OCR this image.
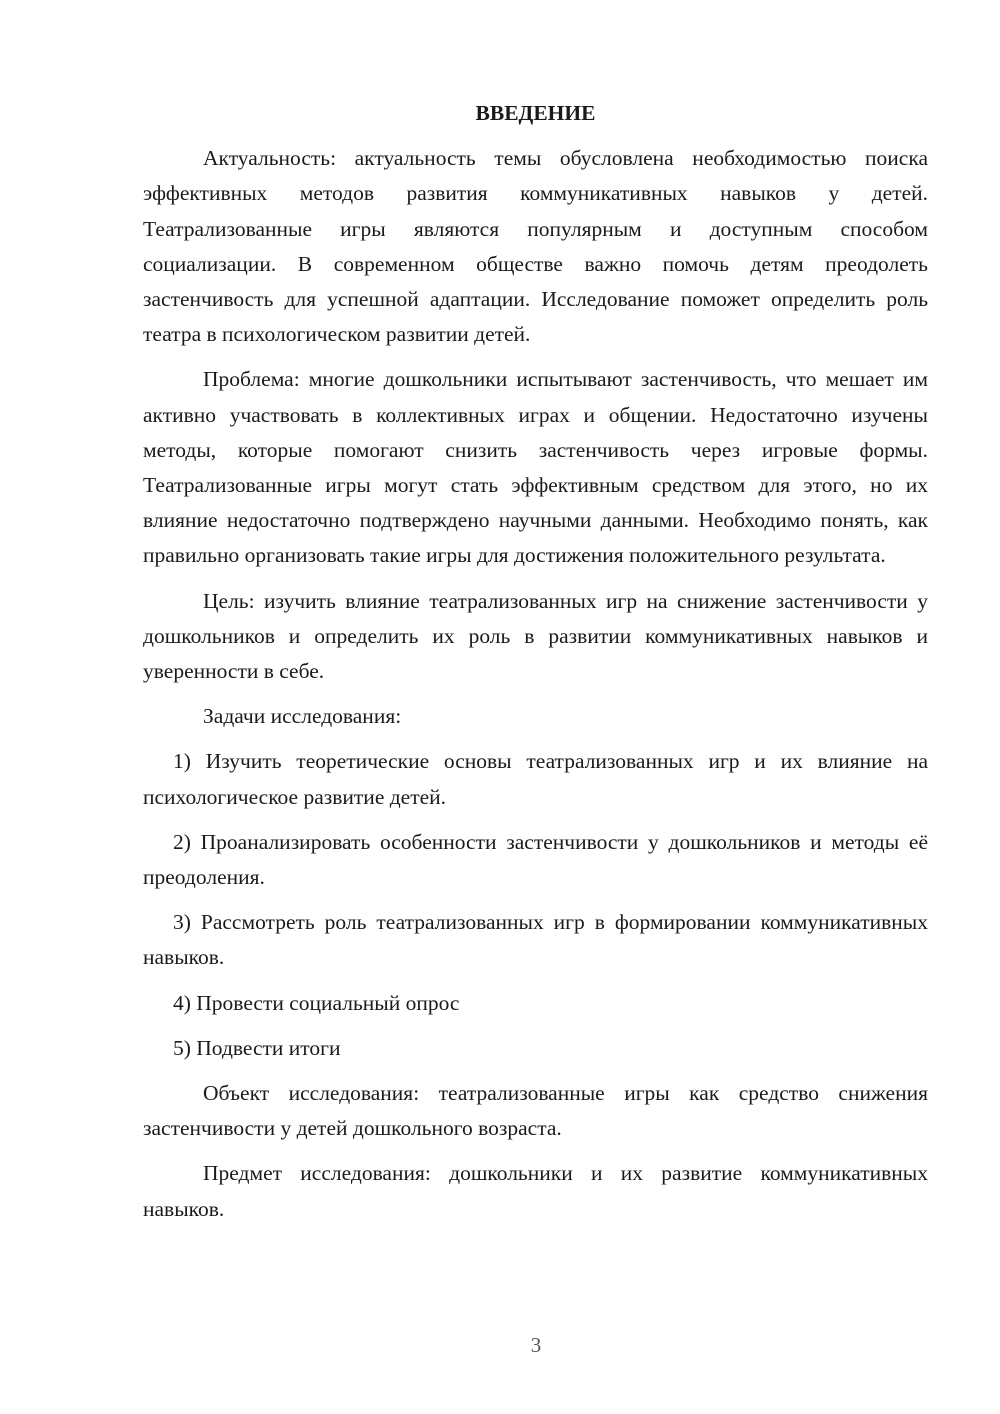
ВВЕДЕНИЕ

Актуальность: актуальность темы обусловлена необходимостью поиска эффективных методов развития коммуникативных навыков у детей. Театрализованные игры являются популярным и доступным способом социализации. В современном обществе важно помочь детям преодолеть застенчивость для успешной адаптации. Исследование поможет определить роль театра в психологическом развитии детей.

Проблема: многие дошкольники испытывают застенчивость, что мешает им активно участвовать в коллективных играх и общении. Недостаточно изучены методы, которые помогают снизить застенчивость через игровые формы. Театрализованные игры могут стать эффективным средством для этого, но их влияние недостаточно подтверждено научными данными. Необходимо понять, как правильно организовать такие игры для достижения положительного результата.

Цель: изучить влияние театрализованных игр на снижение застенчивости у дошкольников и определить их роль в развитии коммуникативных навыков и уверенности в себе.

Задачи исследования:

1) Изучить теоретические основы театрализованных игр и их влияние на психологическое развитие детей.

2) Проанализировать особенности застенчивости у дошкольников и методы её преодоления.

3) Рассмотреть роль театрализованных игр в формировании коммуникативных навыков.

4) Провести социальный опрос

5) Подвести итоги

Объект исследования: театрализованные игры как средство снижения застенчивости у детей дошкольного возраста.

Предмет исследования: дошкольники и их развитие коммуникативных навыков.

3
